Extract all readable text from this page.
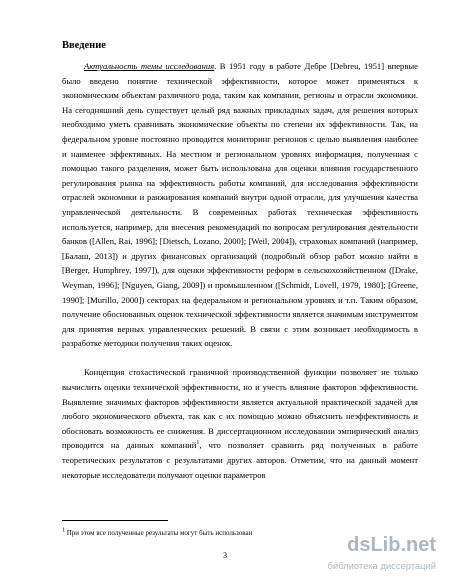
Введение

Актуальность темы исследования. В 1951 году в работе Дебре [Debreu, 1951] впервые было введено понятие технической эффективности, которое может применяться к экономическим объектам различного рода, таким как компании, регионы и отрасли экономики. На сегодняшний день существует целый ряд важных прикладных задач, для решения которых необходимо уметь сравнивать экономические объекты по степени их эффективности. Так, на федеральном уровне постоянно проводится мониторинг регионов с целью выявления наиболее и наименее эффективных. На местном и региональном уровнях информация, полученная с помощью такого разделения, может быть использована для оценки влияния государственного регулирования рынка на эффективность работы компаний, для исследования эффективности отраслей экономики и ранжирования компаний внутри одной отрасли, для улучшения качества управленческой деятельности. В современных работах техническая эффективность используется, например, для внесения рекомендаций по вопросам регулирования деятельности банков ([Allen, Rai, 1996]; [Dietsch, Lozano, 2000]; [Weil, 2004]), страховых компаний (например, [Балаш, 2013]) и других финансовых организаций (подробный обзор работ можно найти в [Berger, Humphrey, 1997]), для оценки эффективности реформ в сельскохозяйственном ([Drake, Weyman, 1996]; [Nguyen, Giang, 2009]) и промышленном ([Schmidt, Lovell, 1979, 1980]; [Greene, 1990]; [Murillo, 2000]) секторах на федеральном и региональном уровнях и т.п. Таким образом, получение обоснованных оценок технической эффективности является значимым инструментом для принятия верных управленческих решений. В связи с этим возникает необходимость в разработке методики получения таких оценок.

Концепция стохастической граничной производственной функции позволяет не только вычислить оценки технической эффективности, но и учесть влияние факторов эффективности. Выявление значимых факторов эффективности является актуальной практической задачей для любого экономического объекта, так как с их помощью можно объяснить неэффективность и обосновать возможность ее снижения. В диссертационном исследовании эмпирический анализ проводится на данных компаний$^1$, что позволяет сравнить ряд полученных в работе теоретических результатов с результатами других авторов. Отметим, что на данный момент некоторые исследователи получают оценки параметров

$^1$ При этом все полученные результаты могут быть использован
3	dsLib.net
библиотека диссертаций
